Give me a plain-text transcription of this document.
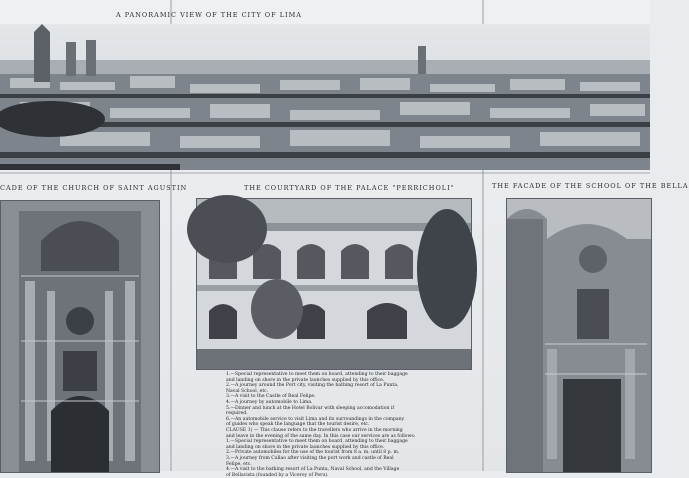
A PANORAMIC VIEW OF THE CITY OF LIMA
CADE OF THE CHURCH OF SAINT AGUSTIN	THE COURTYARD OF THE PALACE "PERRICHOLI"	THE FACADE OF THE SCHOOL OF THE BELLA
1.—Special representative to meet them on board, attending to their baggage
and landing on shore in the private launches supplied by this office.
2.—A journey around the Port city, visiting the bathing resort of La Punta,
Naval School, etc.
3.—A visit to the Castle of Real Felipe.
4.—A journey by automobile to Lima.
5.—Dinner and lunch at the Hotel Bolivar with sleeping accomodation if
required.
6.—An automobile service to visit Lima and its surroundings in the company
of guides who speak the language that the tourist desire, etc.
CLAUSE 1) — This clause refers to the travellers who arrive in the morning
and leave in the evening of the same day. In this case our services are as follows:
1.—Special representative to meet them on board, attending to their baggage
and landing on shore in the private launches supplied by this office.
2.—Private automobiles for the use of the tourist from 8 a. m. until 8 p. m.
3.—A journey from Callao after visiting the port work and castle of Real
Felipe, etc.
4.—A visit to the bathing resort of La Punta, Naval School, and the Village
of Bellavista (founded by a Viceroy of Peru).
